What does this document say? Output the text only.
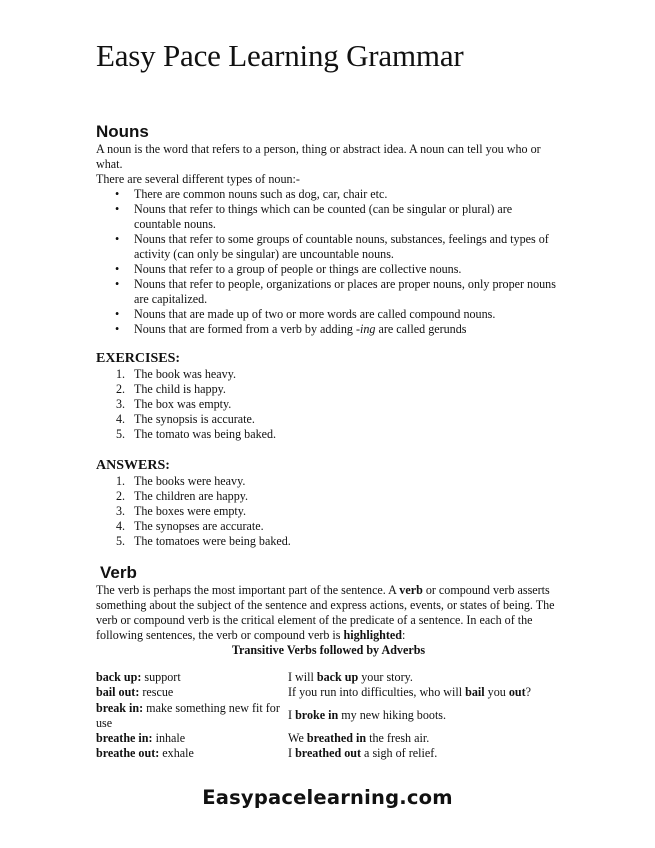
Easy Pace Learning Grammar
Nouns

A noun is the word that refers to a person, thing or abstract idea. A noun can tell you who or what.

There are several different types of noun:-

• There are common nouns such as dog, car, chair etc.
• Nouns that refer to things which can be counted (can be singular or plural) are countable nouns.
• Nouns that refer to some groups of countable nouns, substances, feelings and types of activity (can only be singular) are uncountable nouns.
• Nouns that refer to a group of people or things are collective nouns.
• Nouns that refer to people, organizations or places are proper nouns, only proper nouns are capitalized.
• Nouns that are made up of two or more words are called compound nouns.
• Nouns that are formed from a verb by adding -ing are called gerunds
EXERCISES:
1. The book was heavy.
2. The child is happy.
3. The box was empty.
4. The synopsis is accurate.
5. The tomato was being baked.
ANSWERS:
1. The books were heavy.
2. The children are happy.
3. The boxes were empty.
4. The synopses are accurate.
5. The tomatoes were being baked.
Verb

The verb is perhaps the most important part of the sentence. A verb or compound verb asserts something about the subject of the sentence and express actions, events, or states of being. The verb or compound verb is the critical element of the predicate of a sentence. In each of the following sentences, the verb or compound verb is highlighted:

Transitive Verbs followed by Adverbs
back up: support	I will back up your story.
bail out: rescue	If you run into difficulties, who will bail you out?
break in: make something new fit for use	I broke in my new hiking boots.
breathe in: inhale	We breathed in the fresh air.
breathe out: exhale	I breathed out a sigh of relief.
Easypacelearning.com
